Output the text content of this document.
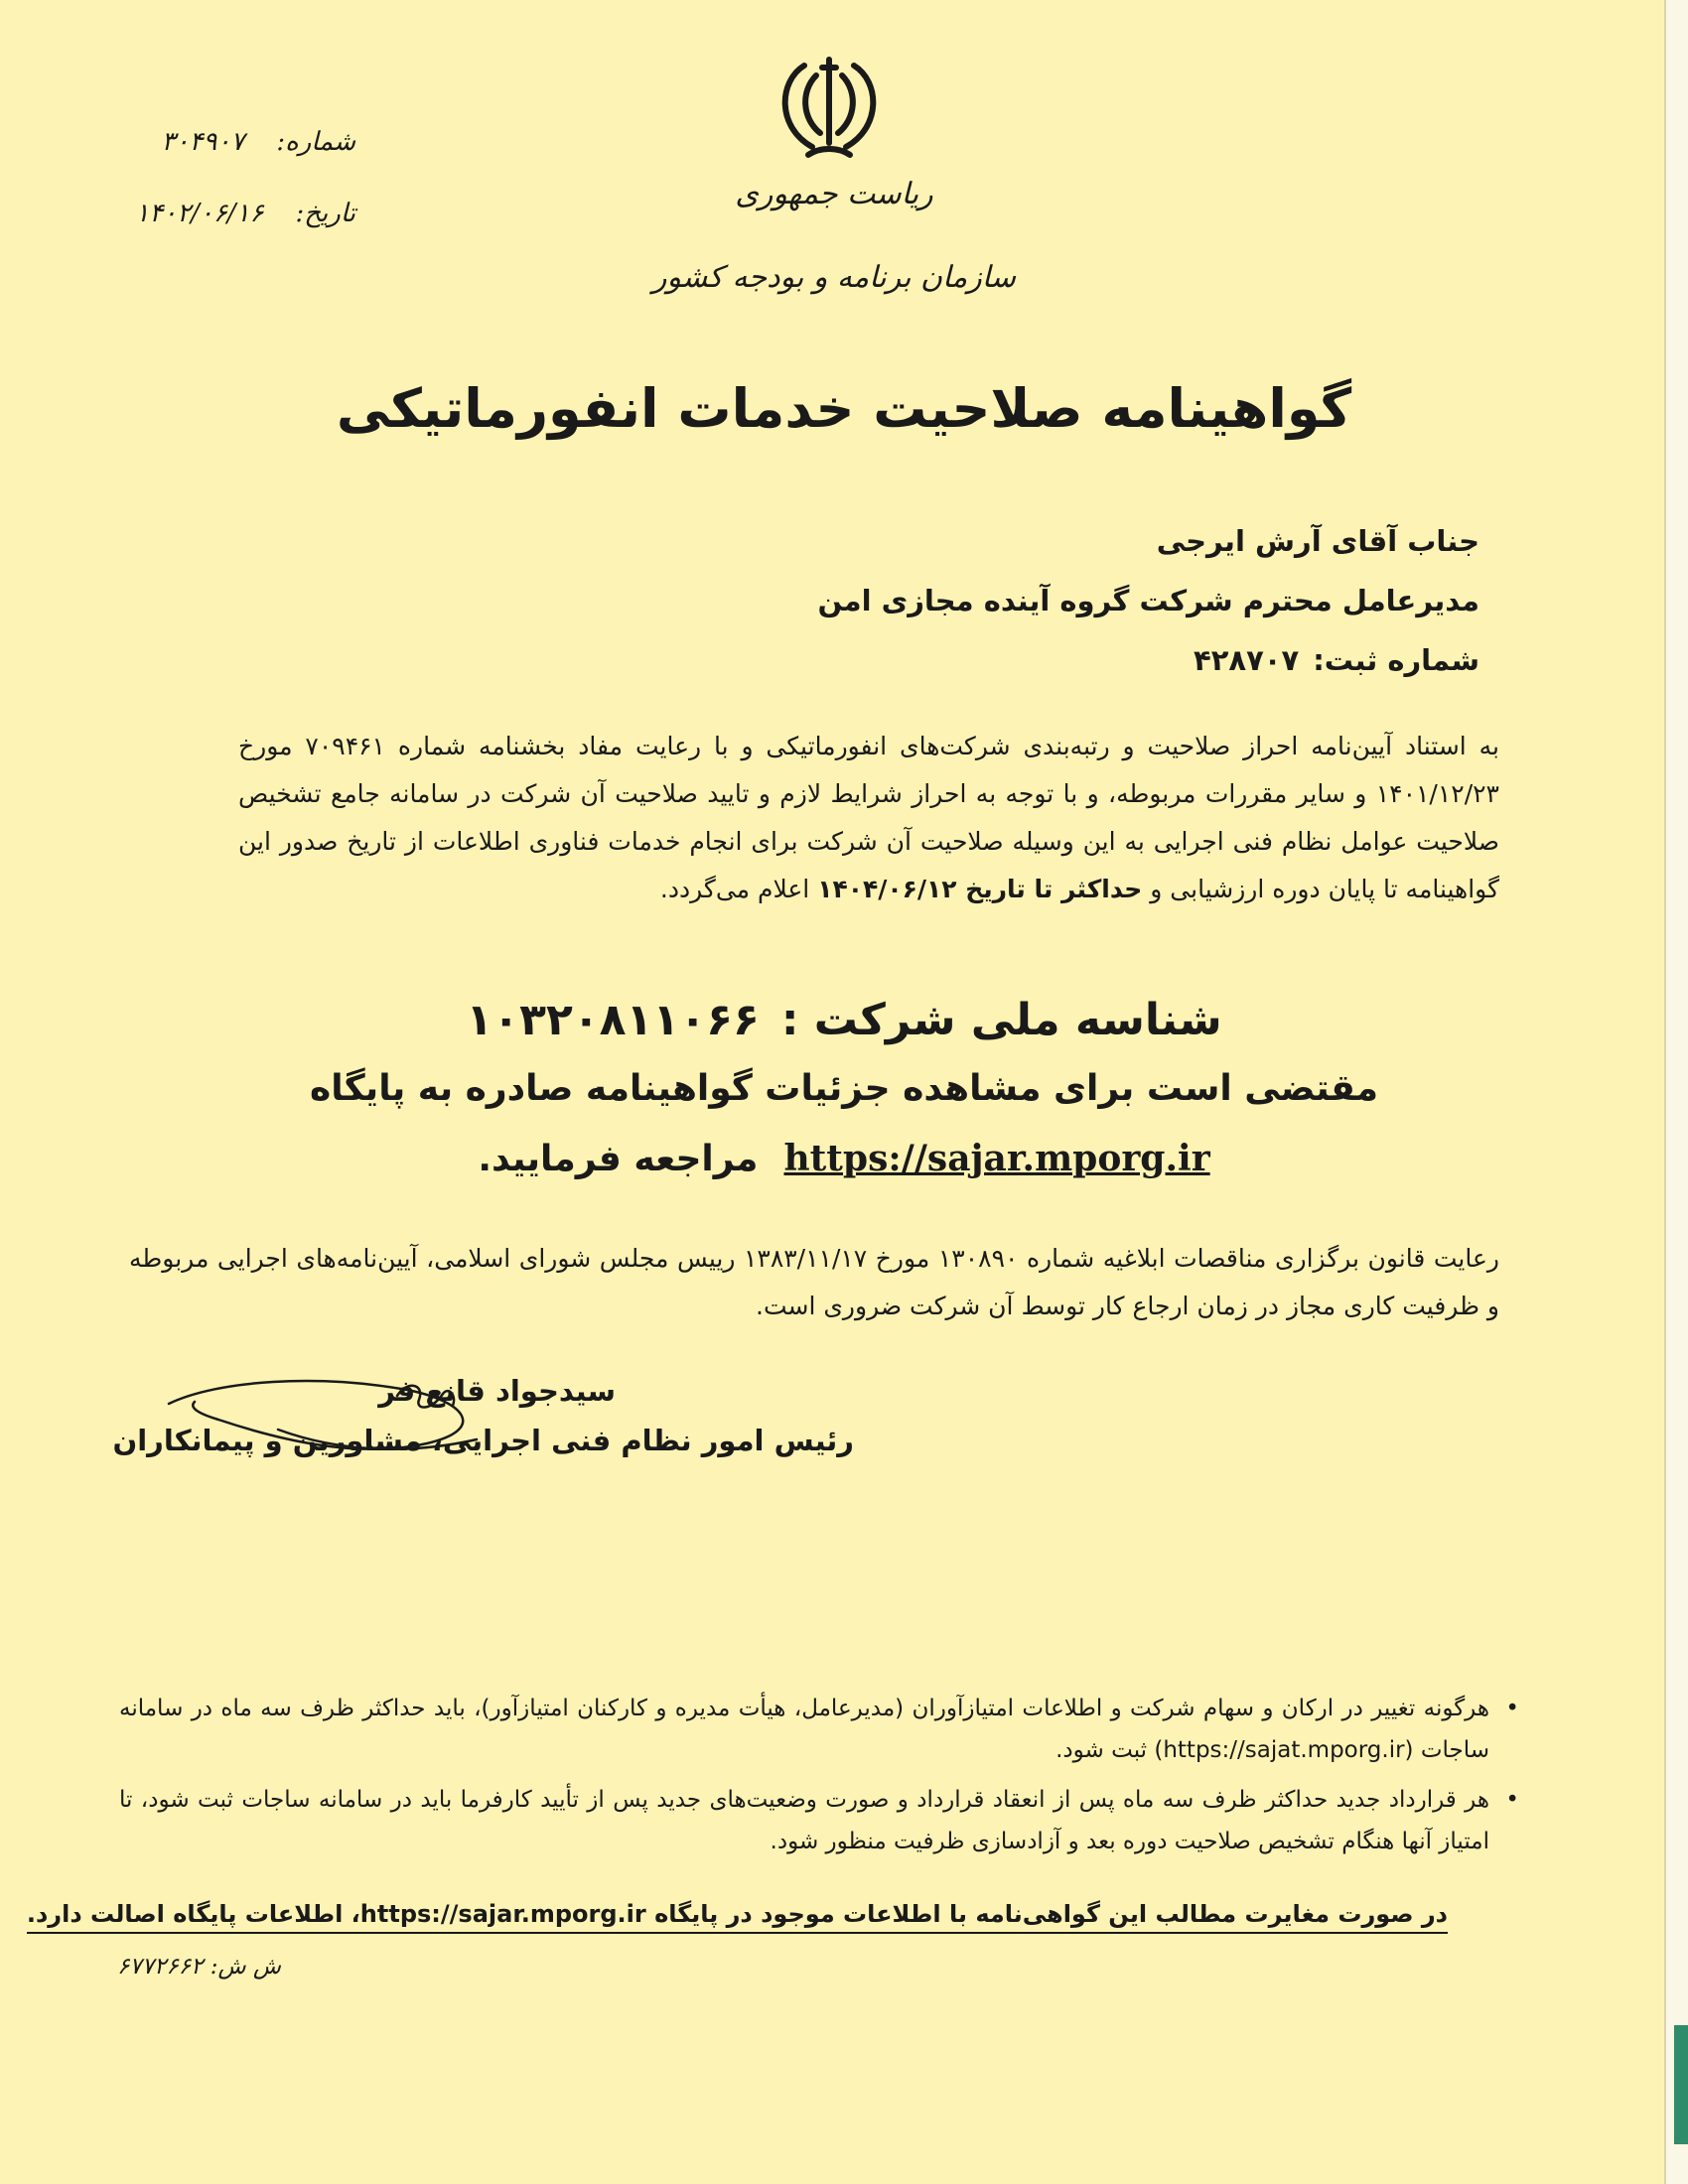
ریاست جمهوری
سازمان برنامه و بودجه کشور
شماره:۳۰۴۹۰۷
تاریخ:۱۴۰۲/۰۶/۱۶
گواهینامه صلاحیت خدمات انفورماتیکی
جناب آقای آرش ایرجی
مدیرعامل محترم شرکت گروه آینده مجازی امن
شماره ثبت:۴۲۸۷۰۷
به استناد آیین‌نامه احراز صلاحیت و رتبه‌بندی شرکت‌های انفورماتیکی و با رعایت مفاد بخشنامه شماره ۷۰۹۴۶۱ مورخ ۱۴۰۱/۱۲/۲۳ و سایر مقررات مربوطه، و با توجه به احراز شرایط لازم و تایید صلاحیت آن شرکت در سامانه جامع تشخیص صلاحیت عوامل نظام فنی اجرایی به این وسیله صلاحیت آن شرکت برای انجام خدمات فناوری اطلاعات از تاریخ صدور این گواهینامه تا پایان دوره ارزشیابی و حداکثر تا تاریخ ۱۴۰۴/۰۶/۱۲ اعلام می‌گردد.
شناسه ملی شرکت :۱۰۳۲۰۸۱۱۰۶۶
مقتضی است برای مشاهده جزئیات گواهینامه صادره به پایگاه
https://sajar.mporg.irمراجعه فرمایید.
رعایت قانون برگزاری مناقصات ابلاغیه شماره ۱۳۰۸۹۰ مورخ ۱۳۸۳/۱۱/۱۷ رییس مجلس شورای اسلامی، آیین‌نامه‌های اجرایی مربوطه و ظرفیت کاری مجاز در زمان ارجاع کار توسط آن شرکت ضروری است.
سیدجواد قانع فر
رئیس امور نظام فنی اجرایی، مشاورین و پیمانکاران
•
هرگونه تغییر در ارکان و سهام شرکت و اطلاعات امتیازآوران (مدیرعامل، هیأت مدیره و کارکنان امتیازآور)، باید حداکثر ظرف سه ماه در سامانه ساجات (https://sajat.mporg.ir) ثبت شود.
•
هر قرارداد جدید حداکثر ظرف سه ماه پس از انعقاد قرارداد و صورت وضعیت‌های جدید پس از تأیید کارفرما باید در سامانه ساجات ثبت شود، تا امتیاز آنها هنگام تشخیص صلاحیت دوره بعد و آزادسازی ظرفیت منظور شود.
در صورت مغایرت مطالب این گواهی‌نامه با اطلاعات موجود در پایگاه https://sajar.mporg.ir، اطلاعات پایگاه اصالت دارد.
ش ش: ۶۷۷۲۶۶۲
